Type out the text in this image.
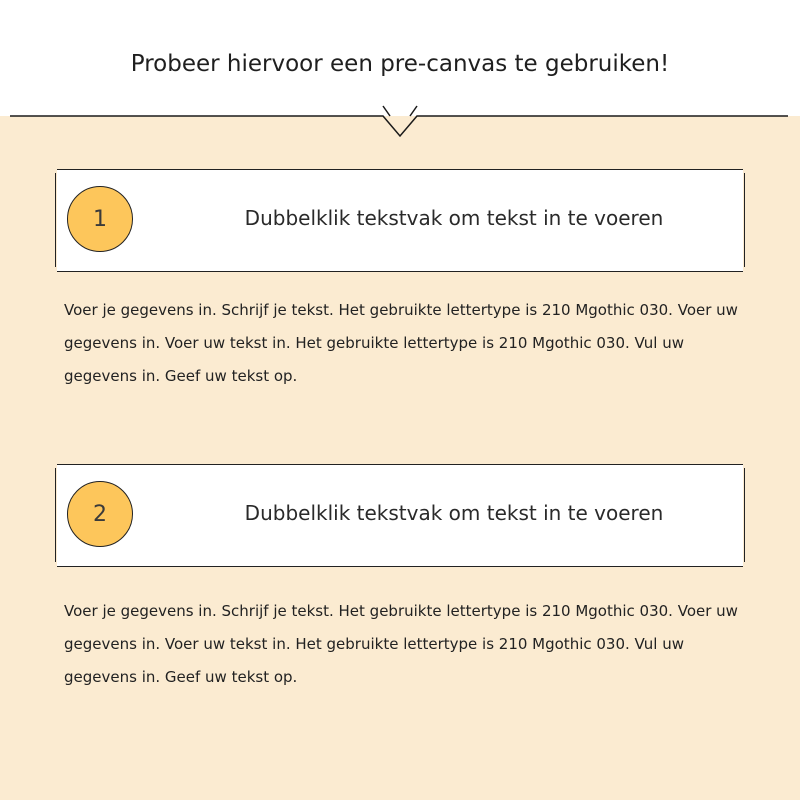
Probeer hiervoor een pre-canvas te gebruiken!
1	Dubbelklik tekstvak om tekst in te voeren

Voer je gegevens in. Schrijf je tekst. Het gebruikte lettertype is 210 Mgothic 030. Voer uw gegevens in. Voer uw tekst in. Het gebruikte lettertype is 210 Mgothic 030. Vul uw gegevens in. Geef uw tekst op.

2	Dubbelklik tekstvak om tekst in te voeren

Voer je gegevens in. Schrijf je tekst. Het gebruikte lettertype is 210 Mgothic 030. Voer uw gegevens in. Voer uw tekst in. Het gebruikte lettertype is 210 Mgothic 030. Vul uw gegevens in. Geef uw tekst op.
